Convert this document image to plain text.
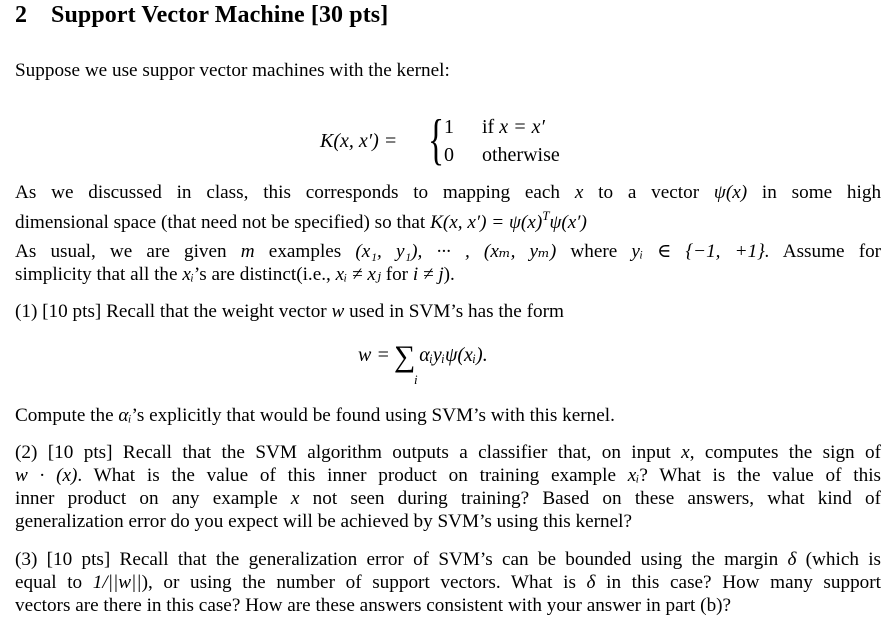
2 Support Vector Machine [30 pts]
Suppose we use suppor vector machines with the kernel:
K(x, x′) = { 1 if x = x′
0 otherwise
As we discussed in class, this corresponds to mapping each x to a vector ψ(x) in some high
dimensional space (that need not be specified) so that K(x, $x') = \psi(x)^T\psi(x')$
As usual, we are given m examples (x₁, y₁), ··· , (xₘ, yₘ) where yᵢ ∈ {−1, +1}. Assume for
simplicity that all the xᵢ’s are distinct(i.e., xᵢ ≠ xⱼ for i ≠ j).
(1) [10 pts] Recall that the weight vector w used in SVM’s has the form
w = ∑ αᵢyᵢψ(xᵢ).
i
Compute the αᵢ’s explicitly that would be found using SVM’s with this kernel.
(2) [10 pts] Recall that the SVM algorithm outputs a classifier that, on input x, computes the sign of
w · (x). What is the value of this inner product on training example xᵢ? What is the value of this
inner product on any example x not seen during training? Based on these answers, what kind of
generalization error do you expect will be achieved by SVM’s using this kernel?
(3) [10 pts] Recall that the generalization error of SVM’s can be bounded using the margin δ (which is
equal to 1/||w||), or using the number of support vectors. What is δ in this case? How many support
vectors are there in this case? How are these answers consistent with your answer in part (b)?
